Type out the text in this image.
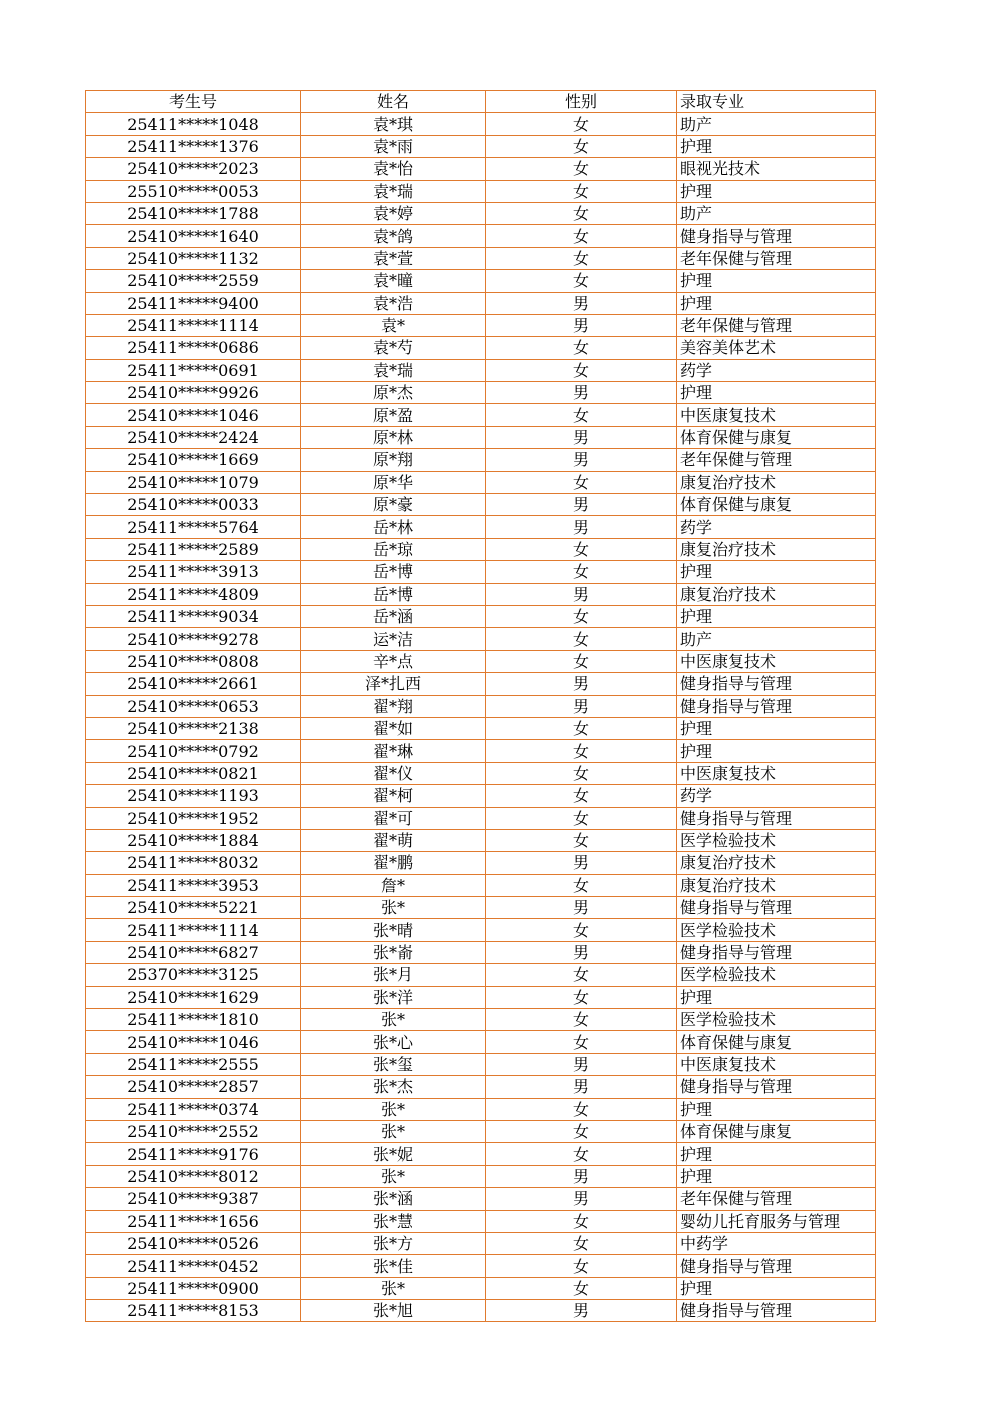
考生号	姓名	性别	录取专业
25411*****1048	袁*琪	女	助产
25411*****1376	袁*雨	女	护理
25410*****2023	袁*怡	女	眼视光技术
25510*****0053	袁*瑞	女	护理
25410*****1788	袁*婷	女	助产
25410*****1640	袁*鸽	女	健身指导与管理
25410*****1132	袁*萱	女	老年保健与管理
25410*****2559	袁*曈	女	护理
25411*****9400	袁*浩	男	护理
25411*****1114	袁*	男	老年保健与管理
25411*****0686	袁*芍	女	美容美体艺术
25411*****0691	袁*瑞	女	药学
25410*****9926	原*杰	男	护理
25410*****1046	原*盈	女	中医康复技术
25410*****2424	原*林	男	体育保健与康复
25410*****1669	原*翔	男	老年保健与管理
25410*****1079	原*华	女	康复治疗技术
25410*****0033	原*豪	男	体育保健与康复
25411*****5764	岳*林	男	药学
25411*****2589	岳*琼	女	康复治疗技术
25411*****3913	岳*博	女	护理
25411*****4809	岳*博	男	康复治疗技术
25411*****9034	岳*涵	女	护理
25410*****9278	运*洁	女	助产
25410*****0808	辛*点	女	中医康复技术
25410*****2661	泽*扎西	男	健身指导与管理
25410*****0653	翟*翔	男	健身指导与管理
25410*****2138	翟*如	女	护理
25410*****0792	翟*琳	女	护理
25410*****0821	翟*仪	女	中医康复技术
25410*****1193	翟*柯	女	药学
25410*****1952	翟*可	女	健身指导与管理
25410*****1884	翟*萌	女	医学检验技术
25411*****8032	翟*鹏	男	康复治疗技术
25411*****3953	詹*	女	康复治疗技术
25410*****5221	张*	男	健身指导与管理
25411*****1114	张*晴	女	医学检验技术
25410*****6827	张*嵛	男	健身指导与管理
25370*****3125	张*月	女	医学检验技术
25410*****1629	张*洋	女	护理
25411*****1810	张*	女	医学检验技术
25410*****1046	张*心	女	体育保健与康复
25411*****2555	张*玺	男	中医康复技术
25410*****2857	张*杰	男	健身指导与管理
25411*****0374	张*	女	护理
25410*****2552	张*	女	体育保健与康复
25411*****9176	张*妮	女	护理
25410*****8012	张*	男	护理
25410*****9387	张*涵	男	老年保健与管理
25411*****1656	张*慧	女	婴幼儿托育服务与管理
25410*****0526	张*方	女	中药学
25411*****0452	张*佳	女	健身指导与管理
25411*****0900	张*	女	护理
25411*****8153	张*旭	男	健身指导与管理
